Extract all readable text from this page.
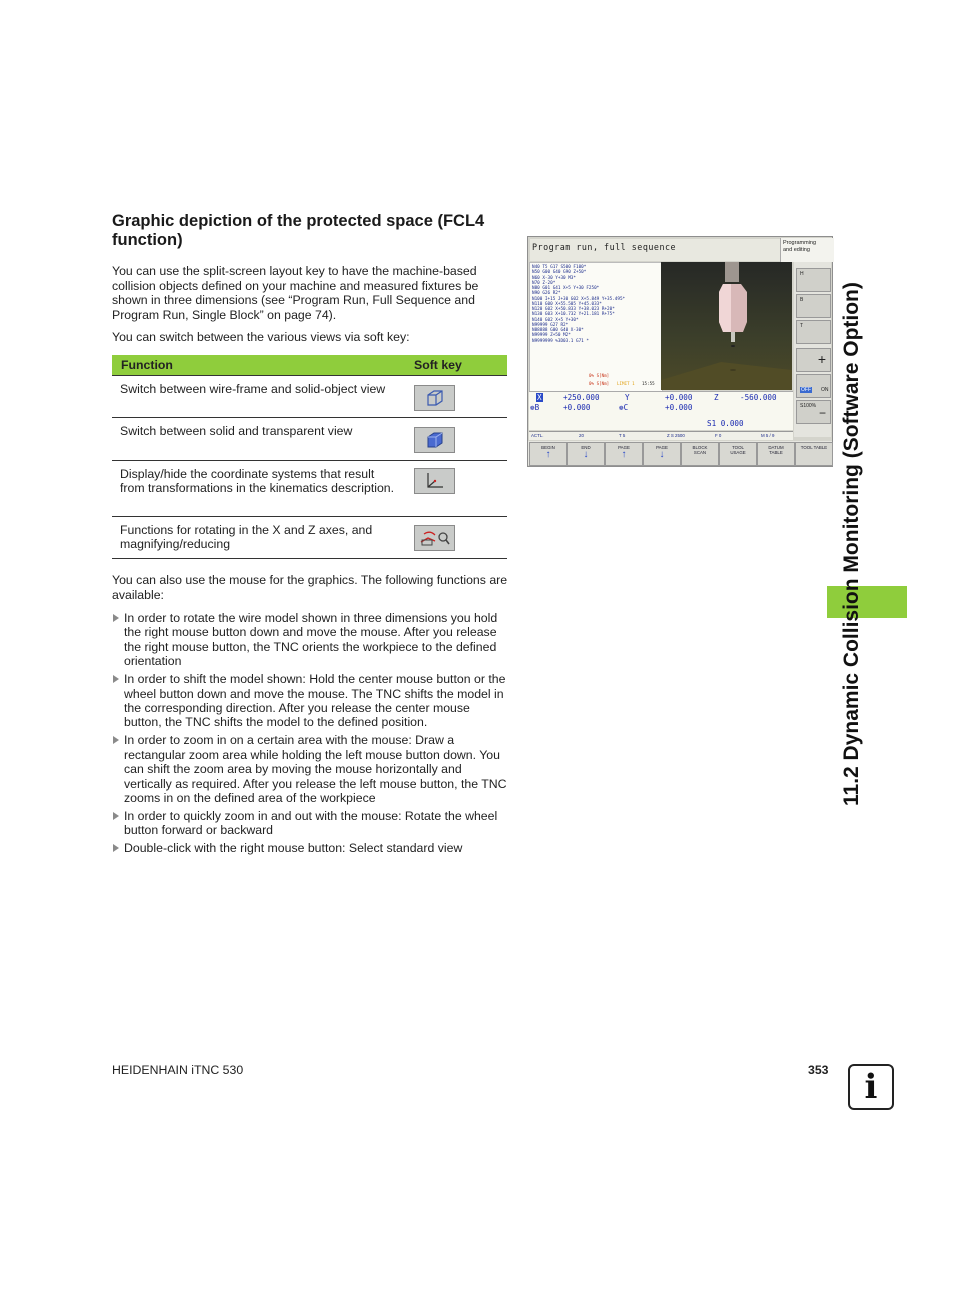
Graphic depiction of the protected space (FCL4 function)
You can use the split-screen layout key to have the machine-based collision objects defined on your machine and measured fixtures be shown in three dimensions (see “Program Run, Full Sequence and Program Run, Single Block” on page 74).
You can switch between the various views via soft key:
Function	Soft key
Switch between wire-frame and solid-object view
Switch between solid and transparent view
Display/hide the coordinate systems that result from transformations in the kinematics description.
Functions for rotating in the X and Z axes, and magnifying/reducing
You can also use the mouse for the graphics. The following functions are available:
In order to rotate the wire model shown in three dimensions you hold the right mouse button down and move the mouse. After you release the right mouse button, the TNC orients the workpiece to the defined orientation
In order to shift the model shown: Hold the center mouse button or the wheel button down and move the mouse. The TNC shifts the model in the corresponding direction. After you release the center mouse button, the TNC shifts the model to the defined position.
In order to zoom in on a certain area with the mouse: Draw a rectangular zoom area while holding the left mouse button down. You can shift the zoom area by moving the mouse horizontally and vertically as required. After you release the left mouse button, the TNC zooms in on the defined area of the workpiece
In order to quickly zoom in and out with the mouse: Rotate the wheel button forward or backward
Double-click with the right mouse button: Select standard view
Program run, full sequence	Programming
and editing
N40 T5 G17 S500 F100*
N50 G00 G40 G90 Z+50*
N60 X-30 Y+30 M3*
N70 Z-20*
N80 G01 G41 X+5 Y+30 F250*
N90 G26 R2*
N100 I+15 J+30 G02 X+5.849 Y+35.495*
N110 G00 X+55.505 Y+45.033*
N120 G02 X+50.833 Y+38.023 R+20*
N130 G03 X+10.732 Y+21.181 R+75*
N140 G02 X+5 Y+30*
N99999 G27 R2*
N88888 G00 G40 X-30*
N99999 Z+50 M2*
N9999999 %3D03.1 G71 *
0% S[Nm]
0% S[Nm] LIMIT 1 15:55
H
B
T
+
OFF ON
S100% −
X	+250.000	Y	+0.000	Z	-560.000
❁B	+0.000	❁C	+0.000
S1 0.000
ACTL.	20	T 5	Z S 2500	F 0	M 5 / 9
BEGIN
↑
END
↓
PAGE
↑
PAGE
↓
BLOCK SCAN
TOOL USAGE
DATUM TABLE
TOOL TABLE 11.2 Dynamic Collision Monitoring (Software Option)
HEIDENHAIN iTNC 530	353	i
